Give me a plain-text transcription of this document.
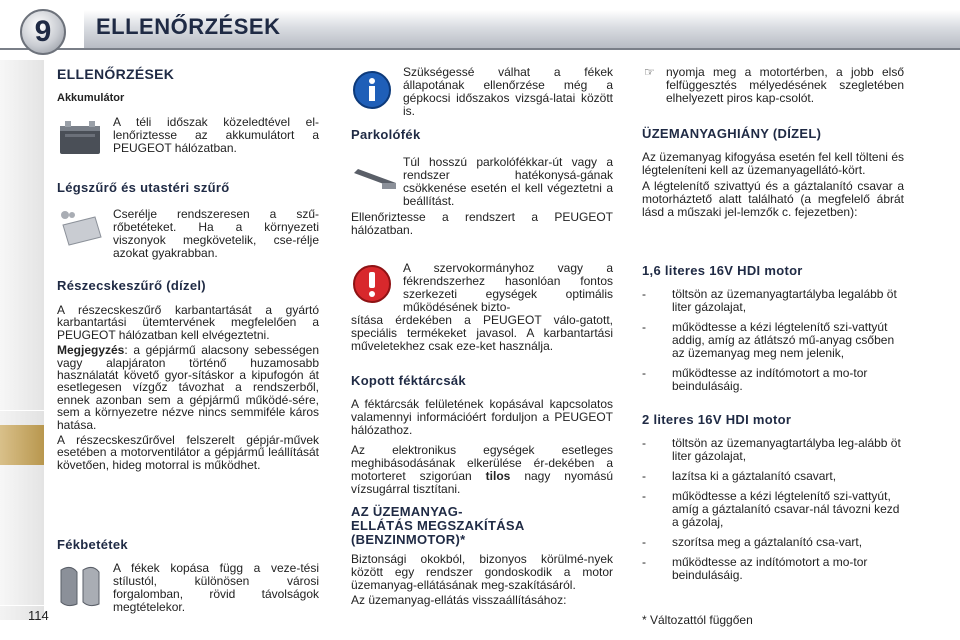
9	ELLENŐRZÉSEK
114
ELLENŐRZÉSEK
Akkumulátor

A téli időszak közeledtével el-lenőriztesse az akkumulátort a PEUGEOT hálózatban.

Légszűrő és utastéri szűrő

Cserélje rendszeresen a szű-rőbetéteket. Ha a környezeti viszonyok megkövetelik, cse-rélje azokat gyakrabban.

Részecskeszűrő (dízel)

A részecskeszűrő karbantartását a gyártó karbantartási ütemtervének megfelelően a PEUGEOT hálózatban kell elvégeztetni.

Megjegyzés: a gépjármű alacsony sebességen vagy alapjáraton történő huzamosabb használatát követő gyor-sításkor a kipufogón át esetlegesen vízgőz távozhat a rendszerből, ennek azonban sem a gépjármű működé-sére, sem a környezetre nézve nincs semmiféle káros hatása.

A részecskeszűrővel felszerelt gépjár-művek esetében a motorventilátor a gépjármű leállítását követően, hideg motorral is működhet.

Fékbetétek

A fékek kopása függ a veze-tési stílustól, különösen városi forgalomban, rövid távolságok megtételekor.

Szükségessé válhat a fékek állapotának ellenőrzése még a gépkocsi időszakos vizsgá-latai között is.

Parkolófék

Túl hosszú parkolófékkar-út vagy a rendszer hatékonysá-gának csökkenése esetén el kell végeztetni a beállítást.

Ellenőriztesse a rendszert a PEUGEOT hálózatban.

A szervokormányhoz vagy a fékrendszerhez hasonlóan fontos szerkezeti egységek optimális működésének bizto-

sítása érdekében a PEUGEOT válo-gatott, speciális termékeket javasol. A karbantartási műveletekhez csak eze-ket használja.

Kopott féktárcsák

A féktárcsák felületének kopásával kapcsolatos valamennyi információért forduljon a PEUGEOT hálózathoz.

Az elektronikus egységek esetleges meghibásodásának elkerülése ér-dekében a motorteret szigorúan tilos nagy nyomású vízsugárral tisztítani.

AZ ÜZEMANYAG-
ELLÁTÁS MEGSZAKÍTÁSA
(BENZINMOTOR)*

Biztonsági okokból, bizonyos körülmé-nyek között egy rendszer gondoskodik a motor üzemanyag-ellátásának meg-szakításáról.

Az üzemanyag-ellátás visszaállításához:

☞ nyomja meg a motortérben, a jobb első felfüggesztés mélyedésének szegletében elhelyezett piros kap-csolót.

ÜZEMANYAGHIÁNY (DÍZEL)

Az üzemanyag kifogyása esetén fel kell tölteni és légteleníteni kell az üzemanyagellátó-kört.

A légtelenítő szivattyú és a gáztalanító csavar a motorháztető alatt található (a megfelelő ábrát lásd a műszaki jel-lemzők c. fejezetben):

1,6 literes 16V HDI motor
- töltsön az üzemanyagtartályba legalább öt liter gázolajat,
- működtesse a kézi légtelenítő szi-vattyút addig, amíg az átlátszó mű-anyag csőben az üzemanyag meg nem jelenik,
- működtesse az indítómotort a mo-tor beindulásáig.
2 literes 16V HDI motor
- töltsön az üzemanyagtartályba leg-alább öt liter gázolajat,
- lazítsa ki a gáztalanító csavart,
- működtesse a kézi légtelenítő szi-vattyút, amíg a gáztalanító csavar-nál távozni kezd a gázolaj,
- szorítsa meg a gáztalanító csa-vart,
- működtesse az indítómotort a mo-tor beindulásáig.

* Változattól függően
